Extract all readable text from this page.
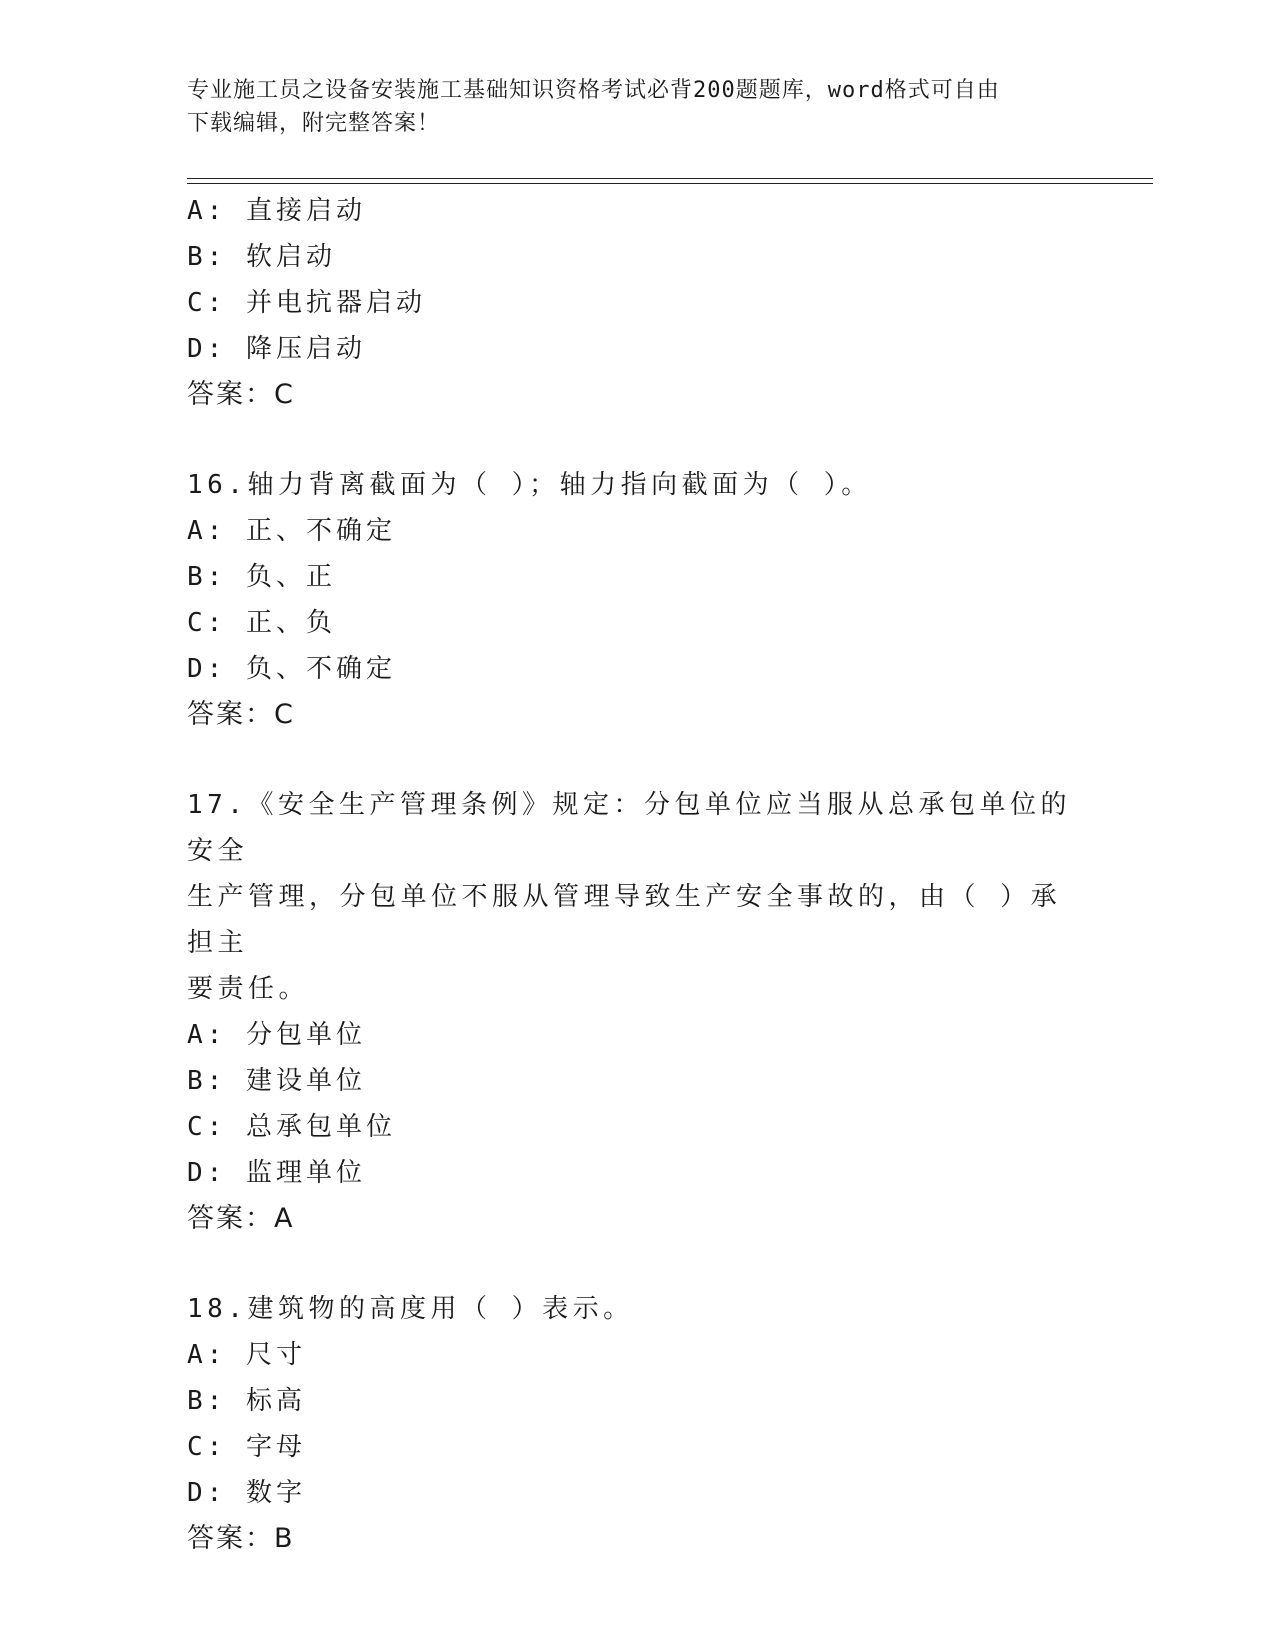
专业施工员之设备安装施工基础知识资格考试必背200题题库，word格式可自由
下载编辑，附完整答案！
A: 直接启动
B: 软启动
C: 并电抗器启动
D: 降压启动
答案：C
16.轴力背离截面为（ ）；轴力指向截面为（ ）。
A: 正、不确定
B: 负、正
C: 正、负
D: 负、不确定
答案：C
17.《安全生产管理条例》规定：分包单位应当服从总承包单位的安全
生产管理，分包单位不服从管理导致生产安全事故的，由（ ）承担主
要责任。
A: 分包单位
B: 建设单位
C: 总承包单位
D: 监理单位
答案：A
18.建筑物的高度用（ ）表示。
A: 尺寸
B: 标高
C: 字母
D: 数字
答案：B
